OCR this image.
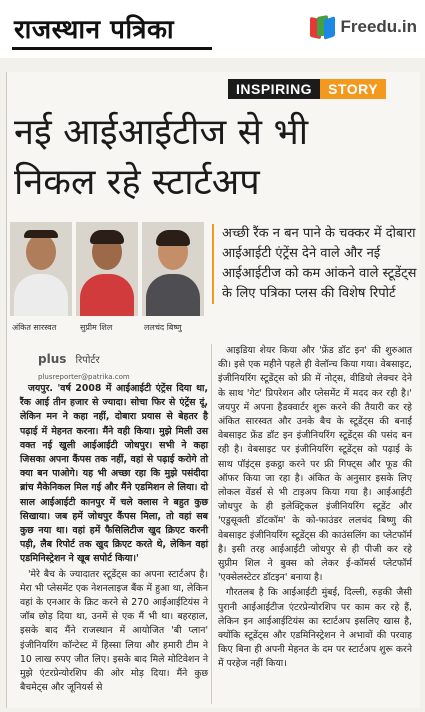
राजस्थान पत्रिका	Freedu.in
INSPIRING	STORY
नई आईआईटीज से भी
निकल रहे स्टार्टअप
अंकित सारस्वत	सुप्रीम शिल	ललचंद बिष्णु
अच्छी रैंक न बन पाने के चक्कर में दोबारा आईआईटी एंट्रेंस देने वाले और नई आईआईटीज को कम आंकने वाले स्टूडेंट्स के लिए पत्रिका प्लस की विशेष रिपोर्ट
plus रिपोर्टर
plusreporter@patrika.com

जयपुर. 'वर्ष 2008 में आईआईटी एंट्रेंस दिया था, रैंक आई तीन हजार से ज्यादा। सोचा फिर से एंट्रेंस दूं, लेकिन मन ने कहा नहीं, दोबारा प्रयास से बेहतर है पढ़ाई में मेहनत करना। मैंने वही किया। मुझे मिली उस वक्त नई खुली आईआईटी जोधपुर। सभी ने कहा जिसका अपना कैंपस तक नहीं, वहां से पढ़ाई करोगे तो क्या बन पाओगे। यह भी अच्छा रहा कि मुझे पसंदीदा ब्रांच मैकेनिकल मिल गई और मैंने एडमिशन ले लिया। दो साल आईआईटी कानपुर में चले क्लास ने बहुत कुछ सिखाया। जब हमें जोधपुर कैंपस मिला, तो वहां सब कुछ नया था। वहां हमें फैसिलिटीज खुद क्रिएट करनी पड़ी, लैब रिपोर्ट तक खुद क्रिएट करते थे, लेकिन वहां एडमिनिस्ट्रेशन ने खूब सपोर्ट किया।'

'मेरे बैच के ज्यादातर स्टूडेंट्स का अपना स्टार्टअप है। मेरा भी प्लेसमेंट एक नेशनलाइज बैंक में हुआ था, लेकिन वहां के एनआर के क्रिट करने से 270 आईआईटियंस ने जॉब छोड़ दिया था, उनमें से एक मैं भी था। बहरहाल, इसके बाद मैंने राजस्थान में आयोजित 'बी प्लान' इंजीनियरिंग कॉन्टेस्ट में हिस्सा लिया और हमारी टीम ने 10 लाख रुपए जीत लिए। इसके बाद मिले मोटिवेशन ने मुझे एंटरप्रेन्योरशिप की ओर मोड़ दिया। मैंने कुछ बैचमेट्स और जूनियर्स से

आइडिया शेयर किया और 'फ्रेंड डॉट इन' की शुरुआत की। इसे एक महीने पहले ही वेलॉन्च किया गया। वेबसाइट, इंजीनियरिंग स्टूडेंट्स को फ्री में नोट्स, वीडियो लेक्चर देने के साथ 'गेट' प्रिपरेशन और प्लेसमेंट में मदद कर रही है।' जयपुर में अपना हैडक्वार्टर शुरू करने की तैयारी कर रहे अंकित सारस्वत और उनके बैच के स्टूडेंट्स की बनाई वेबसाइट फ्रेंड डॉट इन इंजीनियरिंग स्टूडेंट्स की पसंद बन रही है। वेबसाइट पर इंजीनियरिंग स्टूडेंट्स को पढ़ाई के साथ पॉइंट्स इकट्ठा करने पर फ्री गिफ्ट्स और फूड की ऑफर किया जा रहा है। अंकित के अनुसार इसके लिए लोकल वेंडर्स से भी टाइअप किया गया है। आईआईटी जोधपुर के ही इलेक्ट्रिकल इंजीनियरिंग स्टूडेंट और 'एडुसूक्ती डॉटकॉम' के को-फाउंडर ललचंद बिष्णु की वेबसाइट इंजीनियरिंग स्टूडेंट्स की काउंसलिंग का प्लेटफॉर्म है। इसी तरह आईआईटी जोधपुर से ही पीजी कर रहे सुप्रीम शिल ने बुक्स को लेकर ई-कॉमर्स प्लेटफॉर्म 'एक्सेलस्टेटर डॉटइन' बनाया है।

गौरतलब है कि आईआईटी मुंबई, दिल्ली, रुड़की जैसी पुरानी आईआईटीज एंटरप्रेन्योरशिप पर काम कर रहे हैं, लेकिन इन आईआईटियंस का स्टार्टअप इसलिए खास है, क्योंकि स्टूडेंट्स और एडमिनिस्ट्रेशन ने अभावों की परवाह किए बिना ही अपनी मेहनत के दम पर स्टार्टअप शुरू करने में परहेज नहीं किया।
